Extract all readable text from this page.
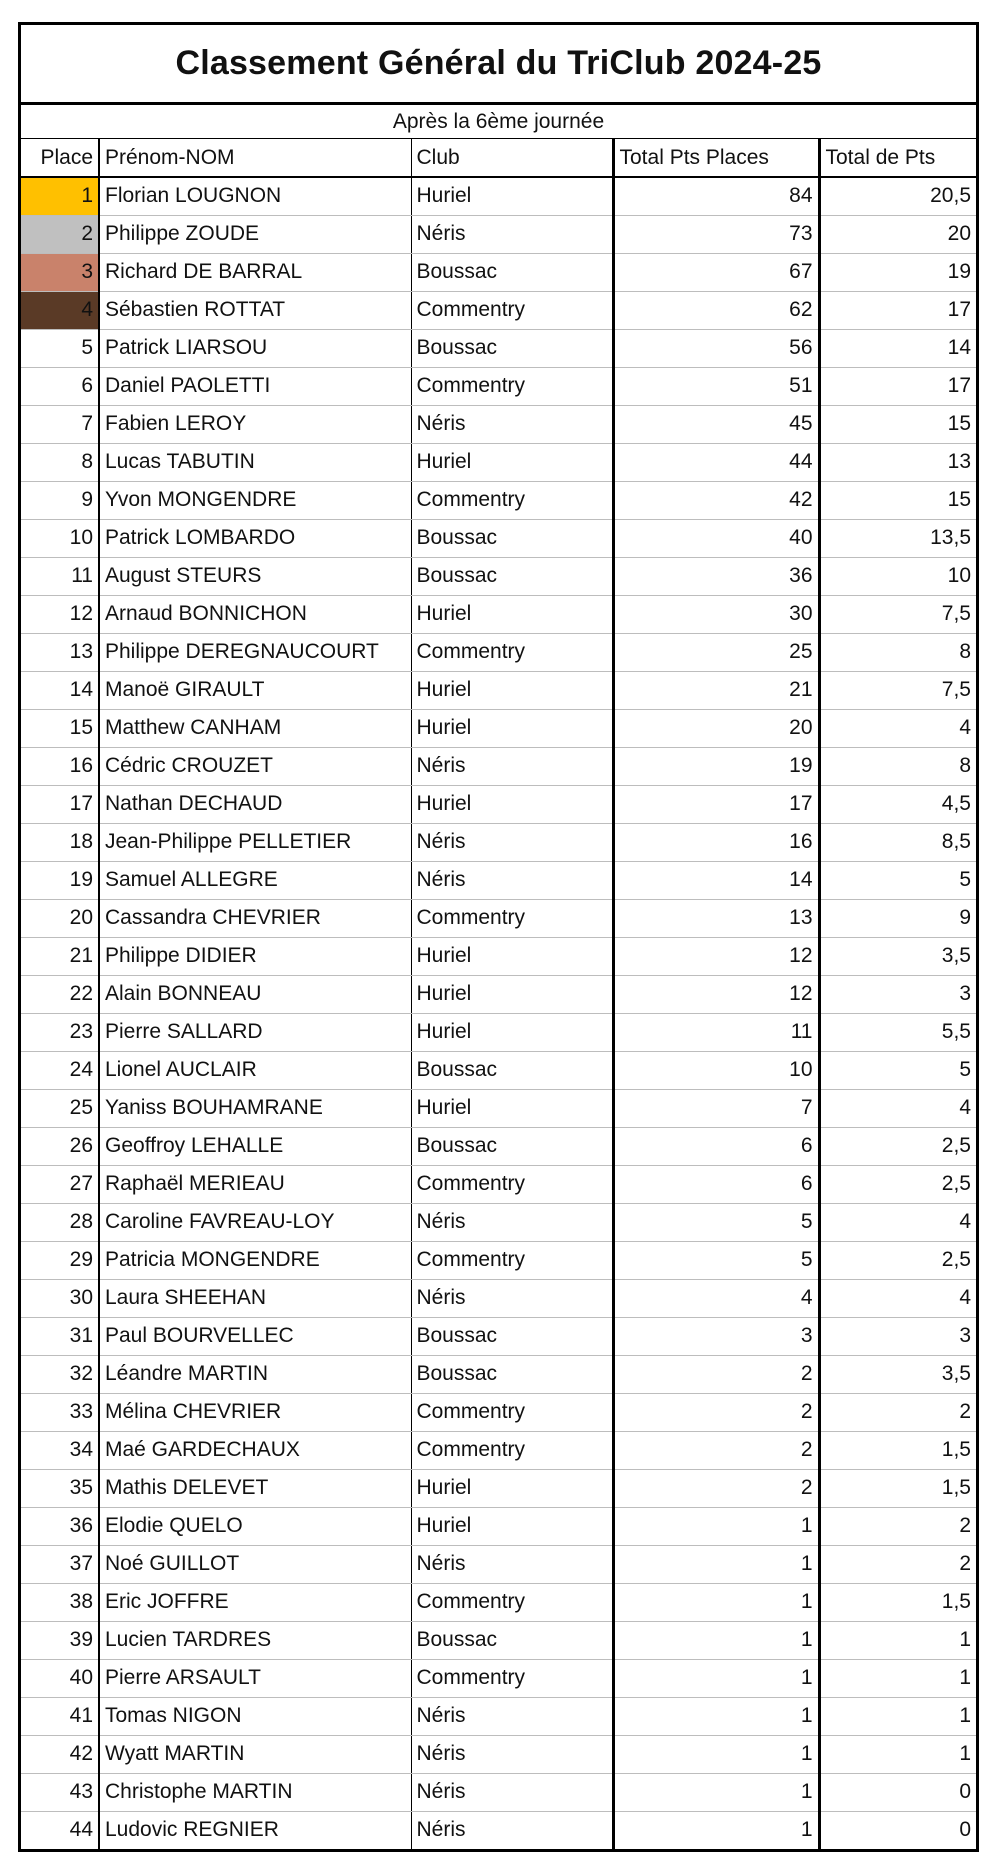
Classement Général du TriClub 2024-25
Après la 6ème journée
Place	Prénom-NOM	Club	Total Pts Places	Total de Pts
1	Florian LOUGNON	Huriel	84	20,5
2	Philippe ZOUDE	Néris	73	20
3	Richard DE BARRAL	Boussac	67	19
4	Sébastien ROTTAT	Commentry	62	17
5	Patrick LIARSOU	Boussac	56	14
6	Daniel PAOLETTI	Commentry	51	17
7	Fabien LEROY	Néris	45	15
8	Lucas TABUTIN	Huriel	44	13
9	Yvon MONGENDRE	Commentry	42	15
10	Patrick LOMBARDO	Boussac	40	13,5
11	August STEURS	Boussac	36	10
12	Arnaud BONNICHON	Huriel	30	7,5
13	Philippe DEREGNAUCOURT	Commentry	25	8
14	Manoë GIRAULT	Huriel	21	7,5
15	Matthew CANHAM	Huriel	20	4
16	Cédric CROUZET	Néris	19	8
17	Nathan DECHAUD	Huriel	17	4,5
18	Jean-Philippe PELLETIER	Néris	16	8,5
19	Samuel ALLEGRE	Néris	14	5
20	Cassandra CHEVRIER	Commentry	13	9
21	Philippe DIDIER	Huriel	12	3,5
22	Alain BONNEAU	Huriel	12	3
23	Pierre SALLARD	Huriel	11	5,5
24	Lionel AUCLAIR	Boussac	10	5
25	Yaniss BOUHAMRANE	Huriel	7	4
26	Geoffroy LEHALLE	Boussac	6	2,5
27	Raphaël MERIEAU	Commentry	6	2,5
28	Caroline FAVREAU-LOY	Néris	5	4
29	Patricia MONGENDRE	Commentry	5	2,5
30	Laura SHEEHAN	Néris	4	4
31	Paul BOURVELLEC	Boussac	3	3
32	Léandre MARTIN	Boussac	2	3,5
33	Mélina CHEVRIER	Commentry	2	2
34	Maé GARDECHAUX	Commentry	2	1,5
35	Mathis DELEVET	Huriel	2	1,5
36	Elodie QUELO	Huriel	1	2
37	Noé GUILLOT	Néris	1	2
38	Eric JOFFRE	Commentry	1	1,5
39	Lucien TARDRES	Boussac	1	1
40	Pierre ARSAULT	Commentry	1	1
41	Tomas NIGON	Néris	1	1
42	Wyatt MARTIN	Néris	1	1
43	Christophe MARTIN	Néris	1	0
44	Ludovic REGNIER	Néris	1	0
